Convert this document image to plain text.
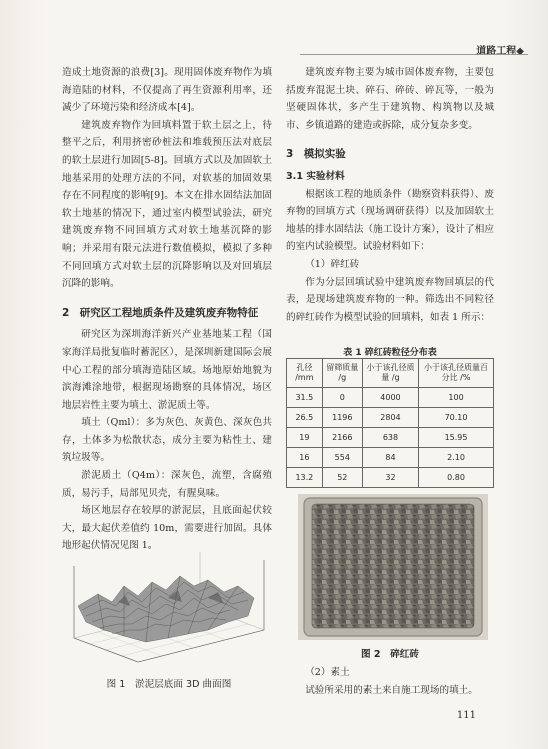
道路工程◆

造成土地资源的浪费[3]。现用固体废弃物作为填海造陆的材料，不仅提高了再生资源利用率，还减少了环境污染和经济成本[4]。

建筑废弃物作为回填料置于软土层之上，待整平之后，利用挤密砂桩法和堆载预压法对底层的软土层进行加固[5-8]。回填方式以及加固软土地基采用的处理方法的不同，对软基的加固效果存在不同程度的影响[9]。本文在排水固结法加固软土地基的情况下，通过室内模型试验法，研究建筑废弃物不同回填方式对软土地基沉降的影响；并采用有限元法进行数值模拟，模拟了多种不同回填方式对软土层的沉降影响以及对回填层沉降的影响。

2　研究区工程地质条件及建筑废弃物特征

研究区为深圳海洋新兴产业基地某工程（国家海洋局批复临时蓄泥区），是深圳新建国际会展中心工程的部分填海造陆区域。场地原始地貌为滨海滩涂地带，根据现场勘察的具体情况，场区地层岩性主要为填土、淤泥质土等。

填土（Qml）：多为灰色、灰黄色、深灰色共存，土体多为松散状态，成分主要为粘性土、建筑垃圾等。

淤泥质土（Q4m）：深灰色，流塑，含腐殖质，易污手，局部见贝壳，有腥臭味。

场区地层存在较厚的淤泥层，且底面起伏较大，最大起伏差值约 10m，需要进行加固。具体地形起伏情况见图 1。

图 1　淤泥层底面 3D 曲面图

建筑废弃物主要为城市固体废弃物，主要包括废弃混泥土块、碎石、碎砖、碎瓦等，一般为坚硬固体状，多产生于建筑物、构筑物以及城市、乡镇道路的建造或拆除，成分复杂多变。

3　模拟实验
3.1 实验材料

根据该工程的地质条件（勘察资料获得）、废弃物的回填方式（现场调研获得）以及加固软土地基的排水固结法（施工设计方案），设计了相应的室内试验模型。试验材料如下：

（1）碎红砖

作为分层回填试验中建筑废弃物回填层的代表，是现场建筑废弃物的一种。筛选出不同粒径的碎红砖作为模型试验的回填料，如表 1 所示：

表 1 碎红砖粒径分布表
孔径 /mm	留筛质量 /g	小于该孔径质量 /g	小于该孔径质量百分比 /%
31.5	0	4000	100
26.5	1196	2804	70.10
19	2166	638	15.95
16	554	84	2.10
13.2	52	32	0.80
图 2　碎红砖

（2）素土

试验所采用的素土来自施工现场的填土。

111
